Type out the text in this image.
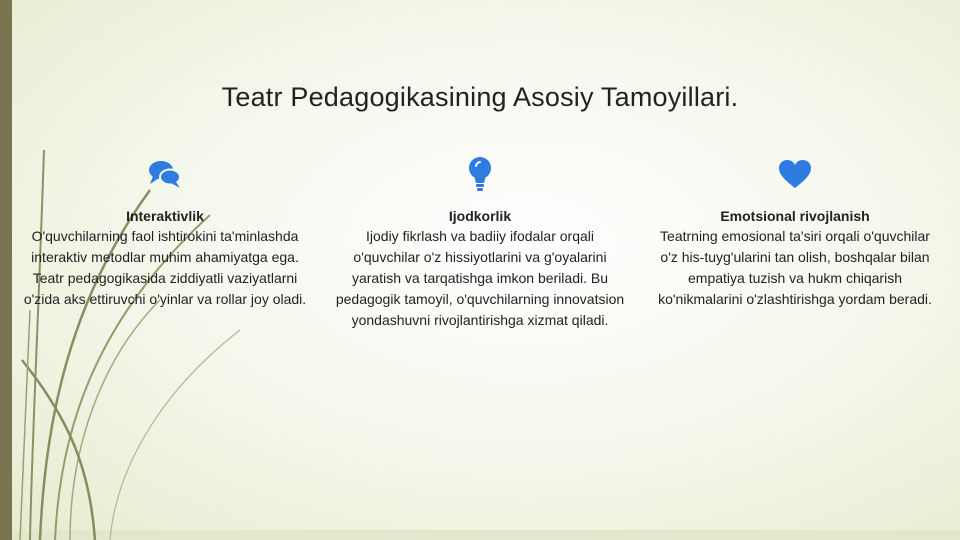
Teatr Pedagogikasining Asosiy Tamoyillari.
Interaktivlik
O'quvchilarning faol ishtirokini ta'minlashda interaktiv metodlar muhim ahamiyatga ega. Teatr pedagogikasida ziddiyatli vaziyatlarni o'zida aks ettiruvchi o'yinlar va rollar joy oladi.
Ijodkorlik
Ijodiy fikrlash va badiiy ifodalar orqali o'quvchilar o'z hissiyotlarini va g'oyalarini yaratish va tarqatishga imkon beriladi. Bu pedagogik tamoyil, o'quvchilarning innovatsion yondashuvni rivojlantirishga xizmat qiladi.
Emotsional rivojlanish
Teatrning emosional ta'siri orqali o'quvchilar o'z his-tuyg'ularini tan olish, boshqalar bilan empatiya tuzish va hukm chiqarish ko'nikmalarini o'zlashtirishga yordam beradi.
